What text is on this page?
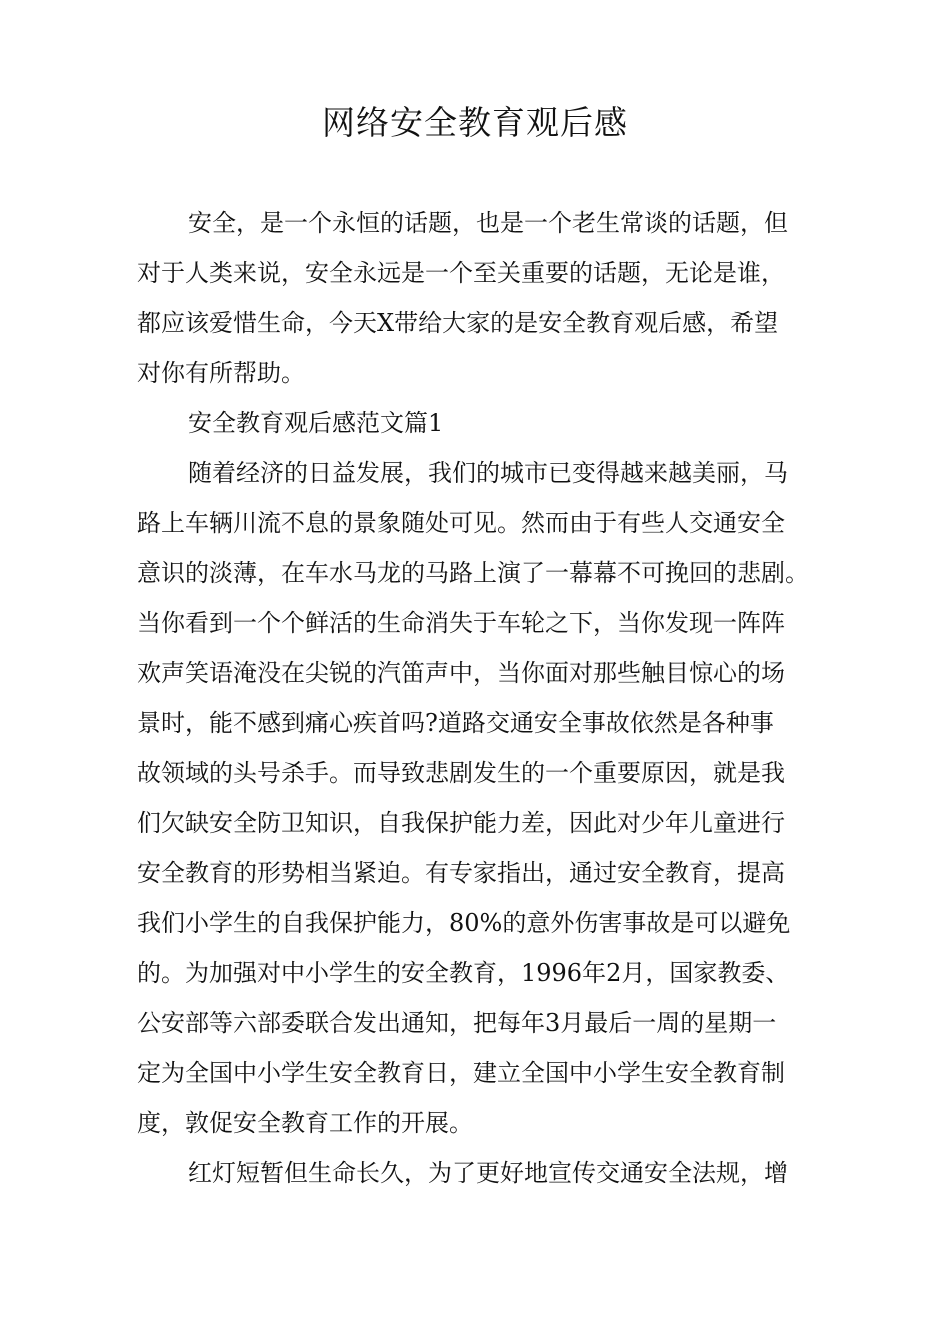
网络安全教育观后感
安全，是一个永恒的话题，也是一个老生常谈的话题，但
对于人类来说，安全永远是一个至关重要的话题，无论是谁，
都应该爱惜生命，今天X带给大家的是安全教育观后感，希望
对你有所帮助。
安全教育观后感范文篇1
随着经济的日益发展，我们的城市已变得越来越美丽，马
路上车辆川流不息的景象随处可见。然而由于有些人交通安全
意识的淡薄，在车水马龙的马路上演了一幕幕不可挽回的悲剧。
当你看到一个个鲜活的生命消失于车轮之下，当你发现一阵阵
欢声笑语淹没在尖锐的汽笛声中，当你面对那些触目惊心的场
景时，能不感到痛心疾首吗?道路交通安全事故依然是各种事
故领域的头号杀手。而导致悲剧发生的一个重要原因，就是我
们欠缺安全防卫知识，自我保护能力差，因此对少年儿童进行
安全教育的形势相当紧迫。有专家指出，通过安全教育，提高
我们小学生的自我保护能力，80%的意外伤害事故是可以避免
的。为加强对中小学生的安全教育，1996年2月，国家教委、
公安部等六部委联合发出通知，把每年3月最后一周的星期一
定为全国中小学生安全教育日，建立全国中小学生安全教育制
度，敦促安全教育工作的开展。
红灯短暂但生命长久，为了更好地宣传交通安全法规，增
